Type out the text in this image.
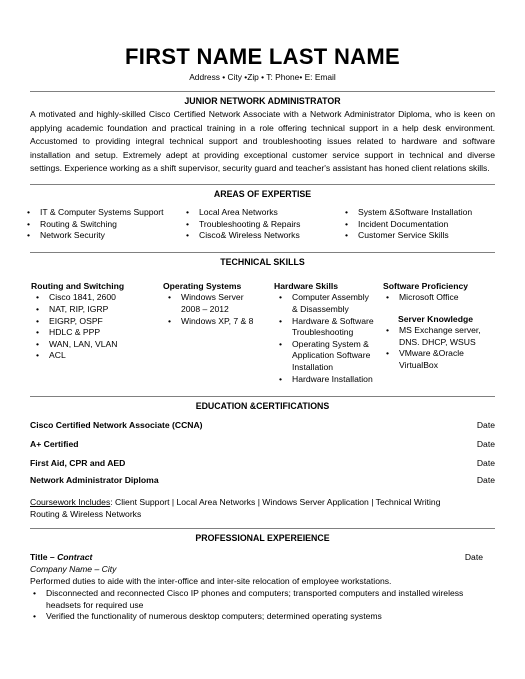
FIRST NAME LAST NAME
Address • City •Zip • T: Phone• E: Email
JUNIOR NETWORK ADMINISTRATOR
A motivated and highly-skilled Cisco Certified Network Associate with a Network Administrator Diploma, who is keen on
applying academic foundation and practical training in a role offering technical support in a help desk environment.
Accustomed to providing integral technical support and troubleshooting issues related to hardware and software
installation and setup. Extremely adept at providing exceptional customer service support in technical and diverse
settings. Experience working as a shift supervisor, security guard and teacher's assistant has honed client relations skills.
AREAS OF EXPERTISE
• IT & Computer Systems Support
• Routing & Switching
• Network Security
• Local Area Networks
• Troubleshooting & Repairs
• Cisco& Wireless Networks
• System &Software Installation
• Incident Documentation
• Customer Service Skills
TECHNICAL SKILLS
Routing and Switching
• Cisco 1841, 2600
• NAT, RIP, IGRP
• EIGRP, OSPF
• HDLC & PPP
• WAN, LAN, VLAN
• ACL
Operating Systems
• Windows Server
2008 – 2012
• Windows XP, 7 & 8
Hardware Skills
• Computer Assembly
& Disassembly
• Hardware & Software
Troubleshooting
• Operating System &
Application Software
Installation
• Hardware Installation
Software Proficiency
• Microsoft Office
Server Knowledge
• MS Exchange server,
DNS. DHCP, WSUS
• VMware &Oracle
VirtualBox
EDUCATION &CERTIFICATIONS
Cisco Certified Network Associate (CCNA)	Date
A+ Certified	Date
First Aid, CPR and AED	Date
Network Administrator Diploma	Date
Coursework Includes: Client Support | Local Area Networks | Windows Server Application | Technical Writing
Routing & Wireless Networks
PROFESSIONAL EXPEREIENCE
Title – Contract	Date
Company Name – City
Performed duties to aide with the inter-office and inter-site relocation of employee workstations.
• Disconnected and reconnected Cisco IP phones and computers; transported computers and installed wireless
headsets for required use
• Verified the functionality of numerous desktop computers; determined operating systems
